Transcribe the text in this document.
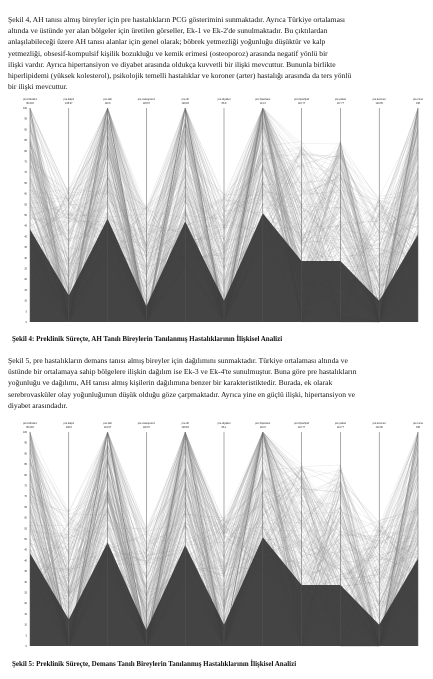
Şekil 4, AH tanısı almış bireyler için pre hastalıkların PCG gösterimini sunmaktadır. Ayrıca Türkiye ortalaması
altında ve üstünde yer alan bölgeler için üretilen görseller, Ek-1 ve Ek-2'de sunulmaktadır. Bu çıktılardan
anlaşılabileceği üzere AH tanısı alanlar için genel olarak; böbrek yetmezliği yoğunluğu düşüktür ve kalp
yetmezliği, obsesif-kompulsif kişilik bozukluğu ve kemik erimesi (osteoporoz) arasında negatif yönlü bir
ilişki vardır. Ayrıca hipertansiyon ve diyabet arasında oldukça kuvvetli bir ilişki mevcuttur. Bununla birlikte
hiperlipidemi (yüksek kolesterol), psikolojik temelli hastalıklar ve koroner (arter) hastalığı arasında da ters yönlü
bir ilişki mevcuttur.
pre.böbrek1
80.003
pre.kalp1
108.97
pre.okb
110.6
pre.osteoporoz
118.97
pre.dil
109.93
pre.diyabet
86.8
pre.hipertans
114.3
pre.hiperlipid
110.77
pre.psikol
117.77
pre.koroner
120.05
pre.inme
158
100
95
90
85
80
75
70
65
60
55
50
45
40
35
30
25
20
15
10
5
0
Şekil 4: Preklinik Süreçte, AH Tanılı Bireylerin Tanılanmış Hastalıklarının İlişkisel Analizi
Şekil 5, pre hastalıkların demans tanısı almış bireyler için dağılımını sunmaktadır. Türkiye ortalaması altında ve
üstünde bir ortalamaya sahip bölgelere ilişkin dağılım ise Ek-3 ve Ek-4'te sunulmuştur. Buna göre pre hastalıkların
yoğunluğu ve dağılımı, AH tanısı almış kişilerin dağılımına benzer bir karakteristiktedir. Burada, ek olarak
serebrovasküler olay yoğunluğunun düşük olduğu göze çarpmaktadır. Ayrıca yine en güçlü ilişki, hipertansiyon ve
diyabet arasındadır.
pre.böbrek1
80.003
pre.kalp1
108.6
pre.okb
119.57
pre.osteoporoz
118.97
pre.dil
109.93
pre.diyabet
86.1
pre.hipertans
110.5
pre.hiperlipid
110.77
pre.psikol
114.77
pre.koroner
110.05
pre.inme
158
100
95
90
85
80
75
70
65
60
55
50
45
40
35
30
25
20
15
10
5
0
Şekil 5: Preklinik Süreçte, Demans Tanılı Bireylerin Tanılanmış Hastalıklarının İlişkisel Analizi
